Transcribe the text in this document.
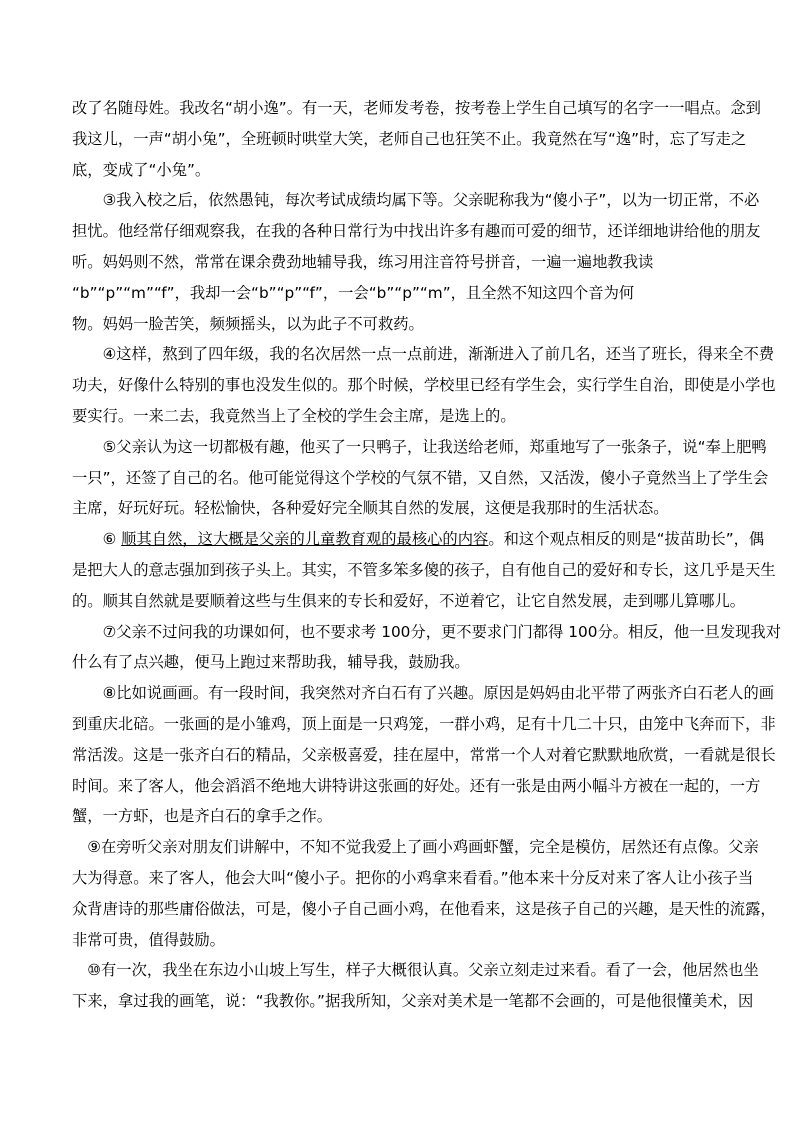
改了名随母姓。我改名“胡小逸”。有一天，老师发考卷，按考卷上学生自己填写的名字一一唱点。念到
我这儿，一声“胡小兔”，全班顿时哄堂大笑，老师自己也狂笑不止。我竟然在写“逸”时，忘了写走之
底，变成了“小兔”。

　　③我入校之后，依然愚钝，每次考试成绩均属下等。父亲昵称我为“傻小子”，以为一切正常，不必
担忧。他经常仔细观察我，在我的各种日常行为中找出许多有趣而可爱的细节，还详细地讲给他的朋友
听。妈妈则不然，常常在课余费劲地辅导我，练习用注音符号拼音，一遍一遍地教我读
“b”“p”“m”“f”，我却一会“b”“p”“f”，一会“b”“p”“m”，且全然不知这四个音为何
物。妈妈一脸苦笑，频频摇头，以为此子不可救药。

　　④这样，熬到了四年级，我的名次居然一点一点前进，渐渐进入了前几名，还当了班长，得来全不费
功夫，好像什么特别的事也没发生似的。那个时候，学校里已经有学生会，实行学生自治，即使是小学也
要实行。一来二去，我竟然当上了全校的学生会主席，是选上的。

　　⑤父亲认为这一切都极有趣，他买了一只鸭子，让我送给老师，郑重地写了一张条子，说“奉上肥鸭
一只”，还签了自己的名。他可能觉得这个学校的气氛不错，又自然，又活泼，傻小子竟然当上了学生会
主席，好玩好玩。轻松愉快，各种爱好完全顺其自然的发展，这便是我那时的生活状态。

　　⑥ 顺其自然，这大概是父亲的儿童教育观的最核心的内容。和这个观点相反的则是“拔苗助长”，偶
是把大人的意志强加到孩子头上。其实，不管多笨多傻的孩子，自有他自己的爱好和专长，这几乎是天生
的。顺其自然就是要顺着这些与生俱来的专长和爱好，不逆着它，让它自然发展，走到哪儿算哪儿。

　　⑦父亲不过问我的功课如何，也不要求考 100分，更不要求门门都得 100分。相反，他一旦发现我对
什么有了点兴趣，便马上跑过来帮助我，辅导我，鼓励我。

　　⑧比如说画画。有一段时间，我突然对齐白石有了兴趣。原因是妈妈由北平带了两张齐白石老人的画
到重庆北碚。一张画的是小雏鸡，顶上面是一只鸡笼，一群小鸡，足有十几二十只，由笼中飞奔而下，非
常活泼。这是一张齐白石的精品，父亲极喜爱，挂在屋中，常常一个人对着它默默地欣赏，一看就是很长
时间。来了客人，他会滔滔不绝地大讲特讲这张画的好处。还有一张是由两小幅斗方被在一起的，一方
蟹，一方虾，也是齐白石的拿手之作。

　⑨在旁听父亲对朋友们讲解中，不知不觉我爱上了画小鸡画虾蟹，完全是模仿，居然还有点像。父亲
大为得意。来了客人，他会大叫“傻小子。把你的小鸡拿来看看。”他本来十分反对来了客人让小孩子当
众背唐诗的那些庸俗做法，可是，傻小子自己画小鸡，在他看来，这是孩子自己的兴趣，是天性的流露，
非常可贵，值得鼓励。

　⑩有一次，我坐在东边小山坡上写生，样子大概很认真。父亲立刻走过来看。看了一会，他居然也坐
下来，拿过我的画笔，说：“我教你。”据我所知，父亲对美术是一笔都不会画的，可是他很懂美术，因
